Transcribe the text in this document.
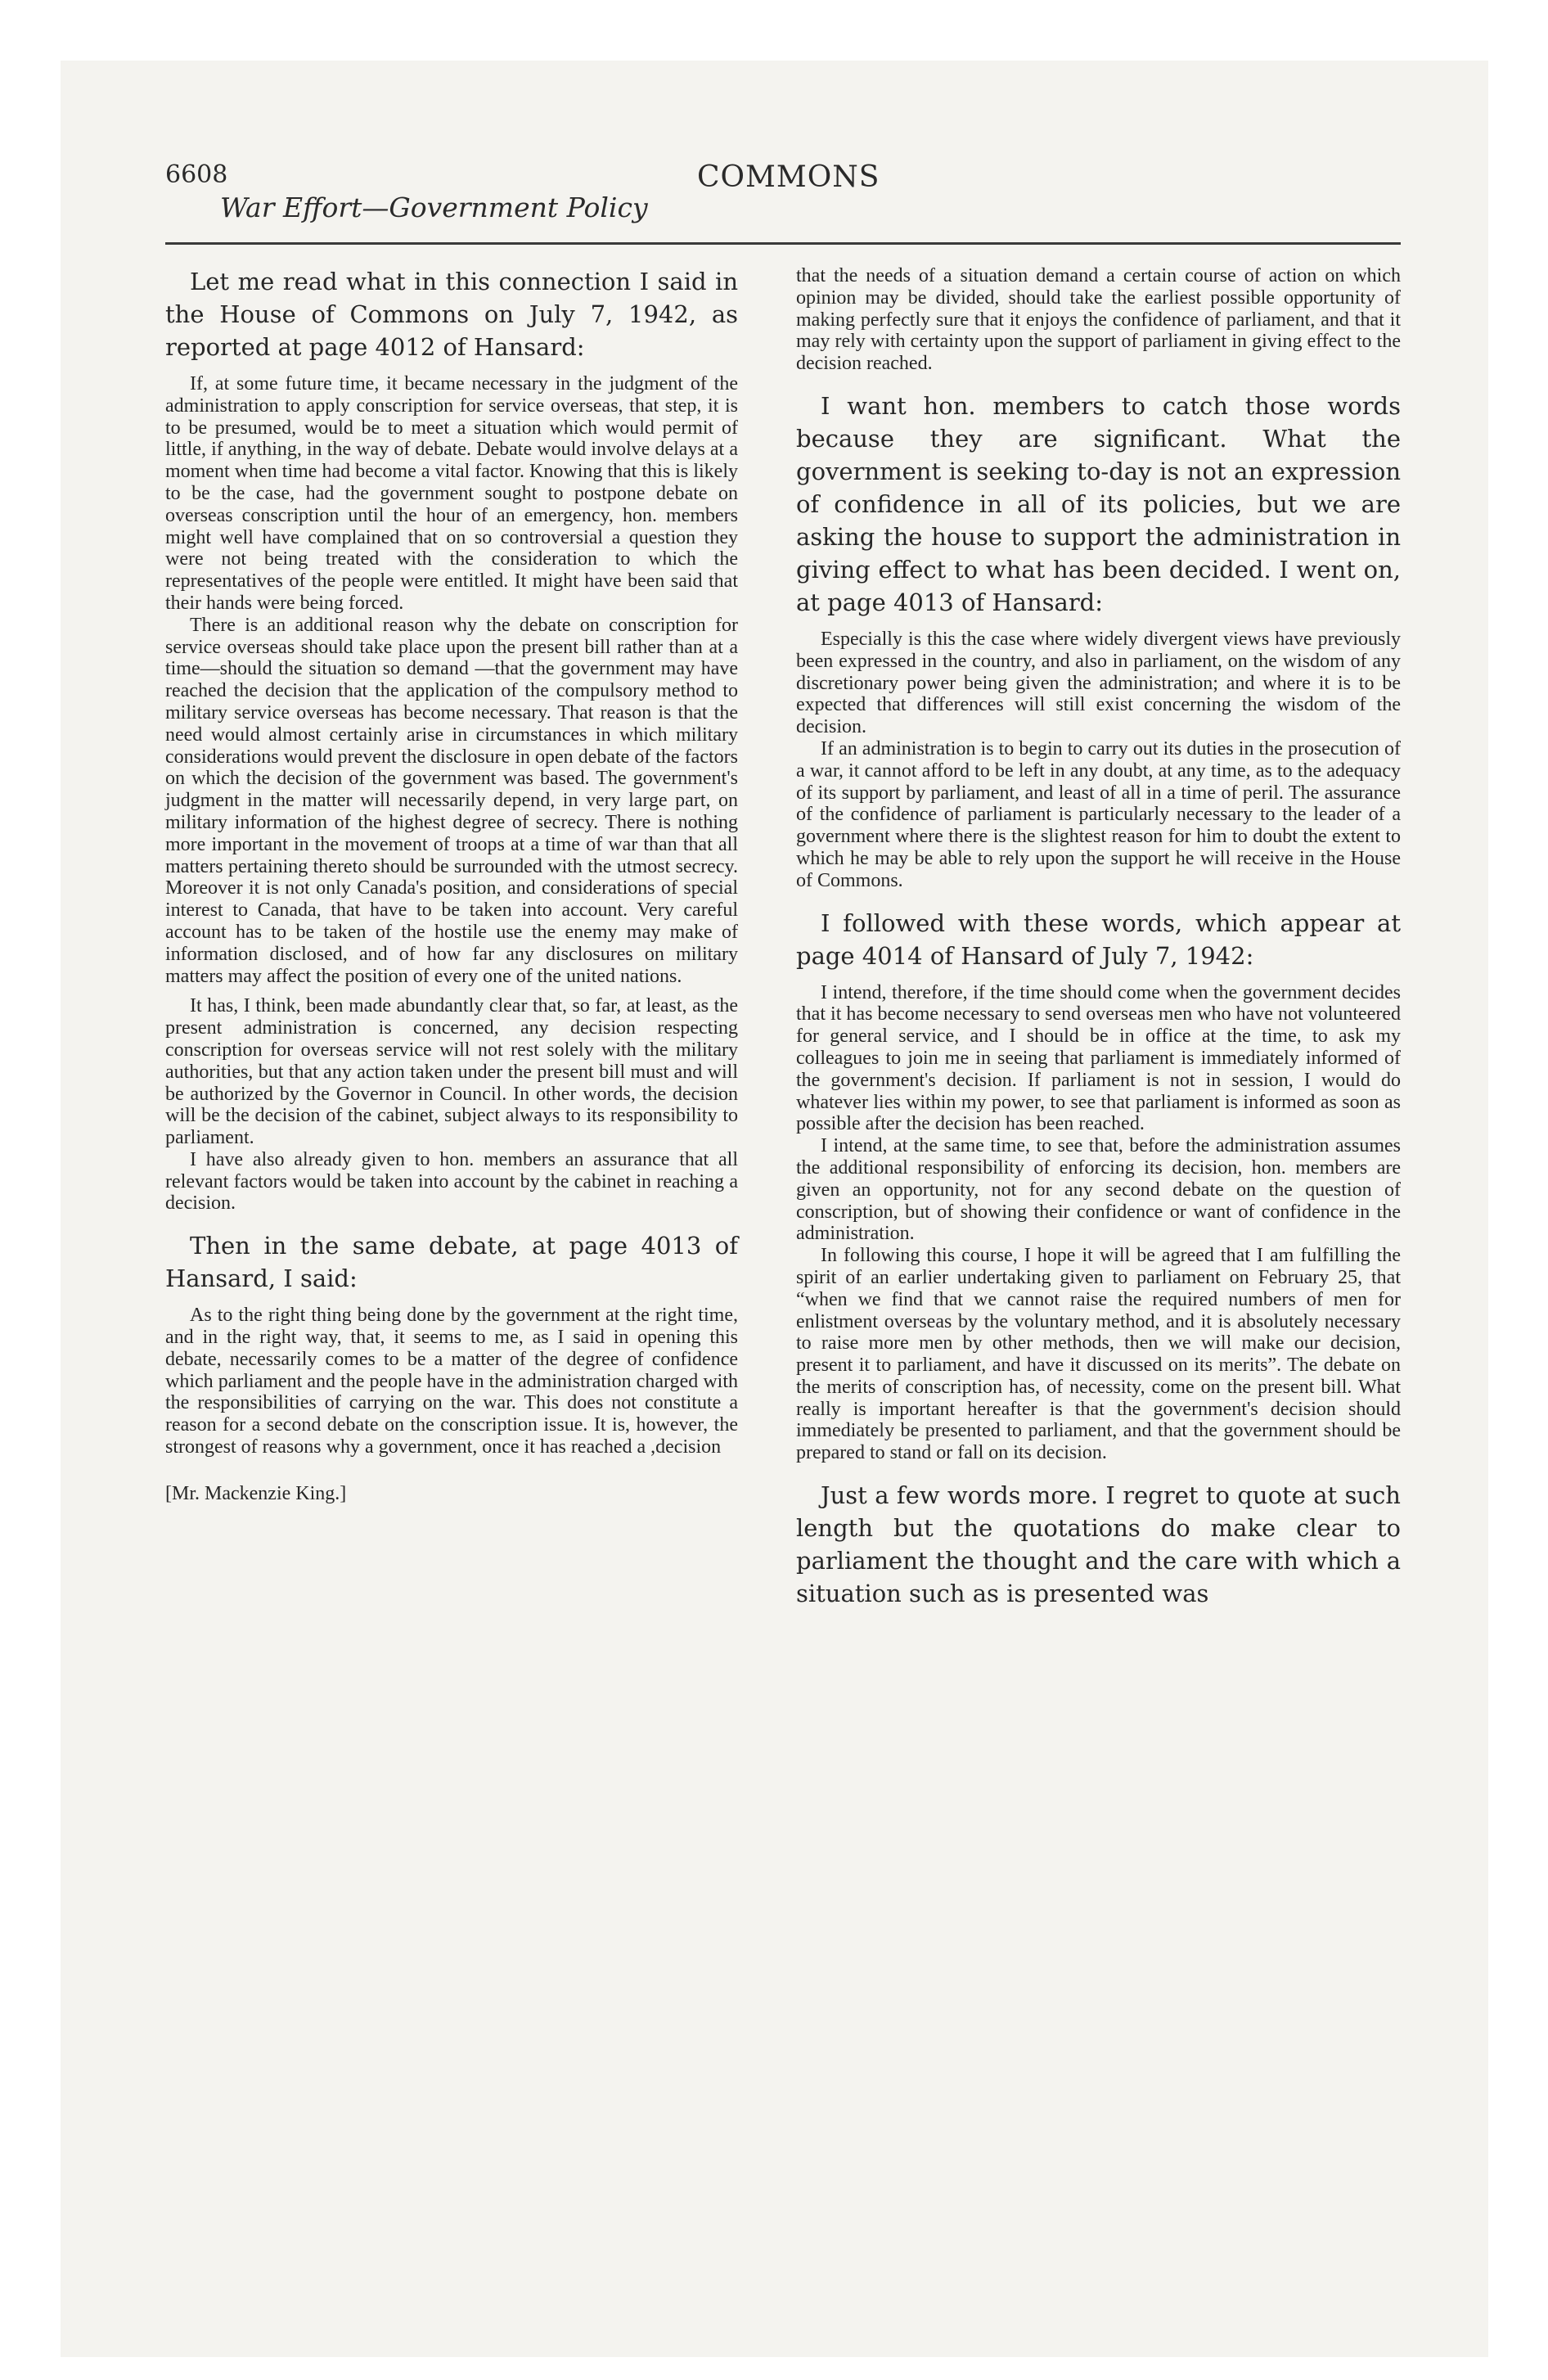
6608
War Effort—Government Policy
COMMONS

Let me read what in this connection I said in the House of Commons on July 7, 1942, as reported at page 4012 of Hansard:

If, at some future time, it became necessary in the judgment of the administration to apply conscription for service overseas, that step, it is to be presumed, would be to meet a situation which would permit of little, if anything, in the way of debate. Debate would involve delays at a moment when time had become a vital factor. Knowing that this is likely to be the case, had the government sought to postpone debate on overseas conscription until the hour of an emergency, hon. members might well have complained that on so controversial a question they were not being treated with the consideration to which the representatives of the people were entitled. It might have been said that their hands were being forced.

There is an additional reason why the debate on conscription for service overseas should take place upon the present bill rather than at a time—should the situation so demand —that the government may have reached the decision that the application of the compulsory method to military service overseas has become necessary. That reason is that the need would almost certainly arise in circumstances in which military considerations would prevent the disclosure in open debate of the factors on which the decision of the government was based. The government's judgment in the matter will necessarily depend, in very large part, on military information of the highest degree of secrecy. There is nothing more important in the movement of troops at a time of war than that all matters pertaining thereto should be surrounded with the utmost secrecy. Moreover it is not only Canada's position, and considerations of special interest to Canada, that have to be taken into account. Very careful account has to be taken of the hostile use the enemy may make of information disclosed, and of how far any disclosures on military matters may affect the position of every one of the united nations.

It has, I think, been made abundantly clear that, so far, at least, as the present administration is concerned, any decision respecting conscription for overseas service will not rest solely with the military authorities, but that any action taken under the present bill must and will be authorized by the Governor in Council. In other words, the decision will be the decision of the cabinet, subject always to its responsibility to parliament.

I have also already given to hon. members an assurance that all relevant factors would be taken into account by the cabinet in reaching a decision.

Then in the same debate, at page 4013 of Hansard, I said:

As to the right thing being done by the government at the right time, and in the right way, that, it seems to me, as I said in opening this debate, necessarily comes to be a matter of the degree of confidence which parliament and the people have in the administration charged with the responsibilities of carrying on the war. This does not constitute a reason for a second debate on the conscription issue. It is, however, the strongest of reasons why a government, once it has reached a ,decision

[ Mr. Mackenzie King. ]

that the needs of a situation demand a certain course of action on which opinion may be divided, should take the earliest possible opportunity of making perfectly sure that it enjoys the confidence of parliament, and that it may rely with certainty upon the support of parliament in giving effect to the decision reached.

I want hon. members to catch those words because they are significant. What the government is seeking to-day is not an expression of confidence in all of its policies, but we are asking the house to support the administration in giving effect to what has been decided. I went on, at page 4013 of Hansard:

Especially is this the case where widely divergent views have previously been expressed in the country, and also in parliament, on the wisdom of any discretionary power being given the administration; and where it is to be expected that differences will still exist concerning the wisdom of the decision.

If an administration is to begin to carry out its duties in the prosecution of a war, it cannot afford to be left in any doubt, at any time, as to the adequacy of its support by parliament, and least of all in a time of peril. The assurance of the confidence of parliament is particularly necessary to the leader of a government where there is the slightest reason for him to doubt the extent to which he may be able to rely upon the support he will receive in the House of Commons.

I followed with these words, which appear at page 4014 of Hansard of July 7, 1942:

I intend, therefore, if the time should come when the government decides that it has become necessary to send overseas men who have not volunteered for general service, and I should be in office at the time, to ask my colleagues to join me in seeing that parliament is immediately informed of the government's decision. If parliament is not in session, I would do whatever lies within my power, to see that parliament is informed as soon as possible after the decision has been reached.

I intend, at the same time, to see that, before the administration assumes the additional responsibility of enforcing its decision, hon. members are given an opportunity, not for any second debate on the question of conscription, but of showing their confidence or want of confidence in the administration.

In following this course, I hope it will be agreed that I am fulfilling the spirit of an earlier undertaking given to parliament on February 25, that “when we find that we cannot raise the required numbers of men for enlistment overseas by the voluntary method, and it is absolutely necessary to raise more men by other methods, then we will make our decision, present it to parliament, and have it discussed on its merits”. The debate on the merits of conscription has, of necessity, come on the present bill. What really is important hereafter is that the government's decision should immediately be presented to parliament, and that the government should be prepared to stand or fall on its decision.

Just a few words more. I regret to quote at such length but the quotations do make clear to parliament the thought and the care with which a situation such as is presented was
